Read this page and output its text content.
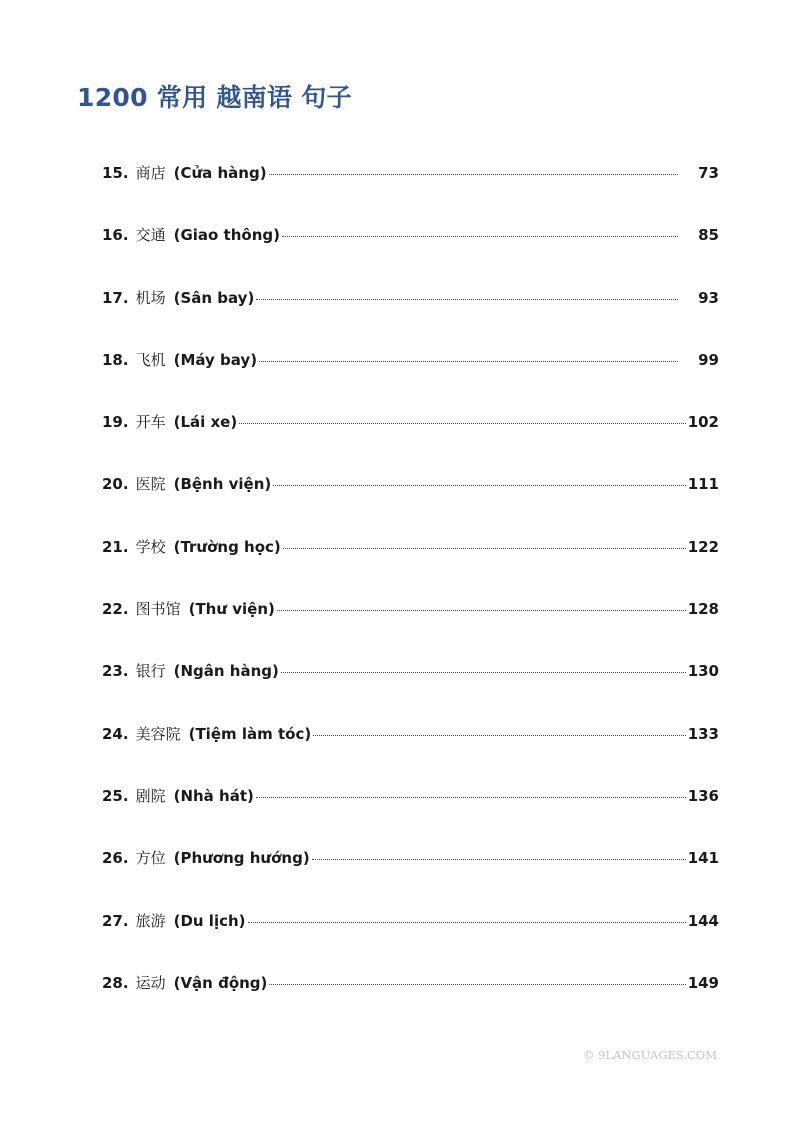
1200 常用 越南语 句子
15. 商店 (Cửa hàng)	73
16. 交通 (Giao thông)	85
17. 机场 (Sân bay)	93
18. 飞机 (Máy bay)	99
19. 开车 (Lái xe)	102
20. 医院 (Bệnh viện)	111
21. 学校 (Trường học)	122
22. 图书馆 (Thư viện)	128
23. 银行 (Ngân hàng)	130
24. 美容院 (Tiệm làm tóc)	133
25. 剧院 (Nhà hát)	136
26. 方位 (Phương hướng)	141
27. 旅游 (Du lịch)	144
28. 运动 (Vận động)	149
© 9LANGUAGES.COM
